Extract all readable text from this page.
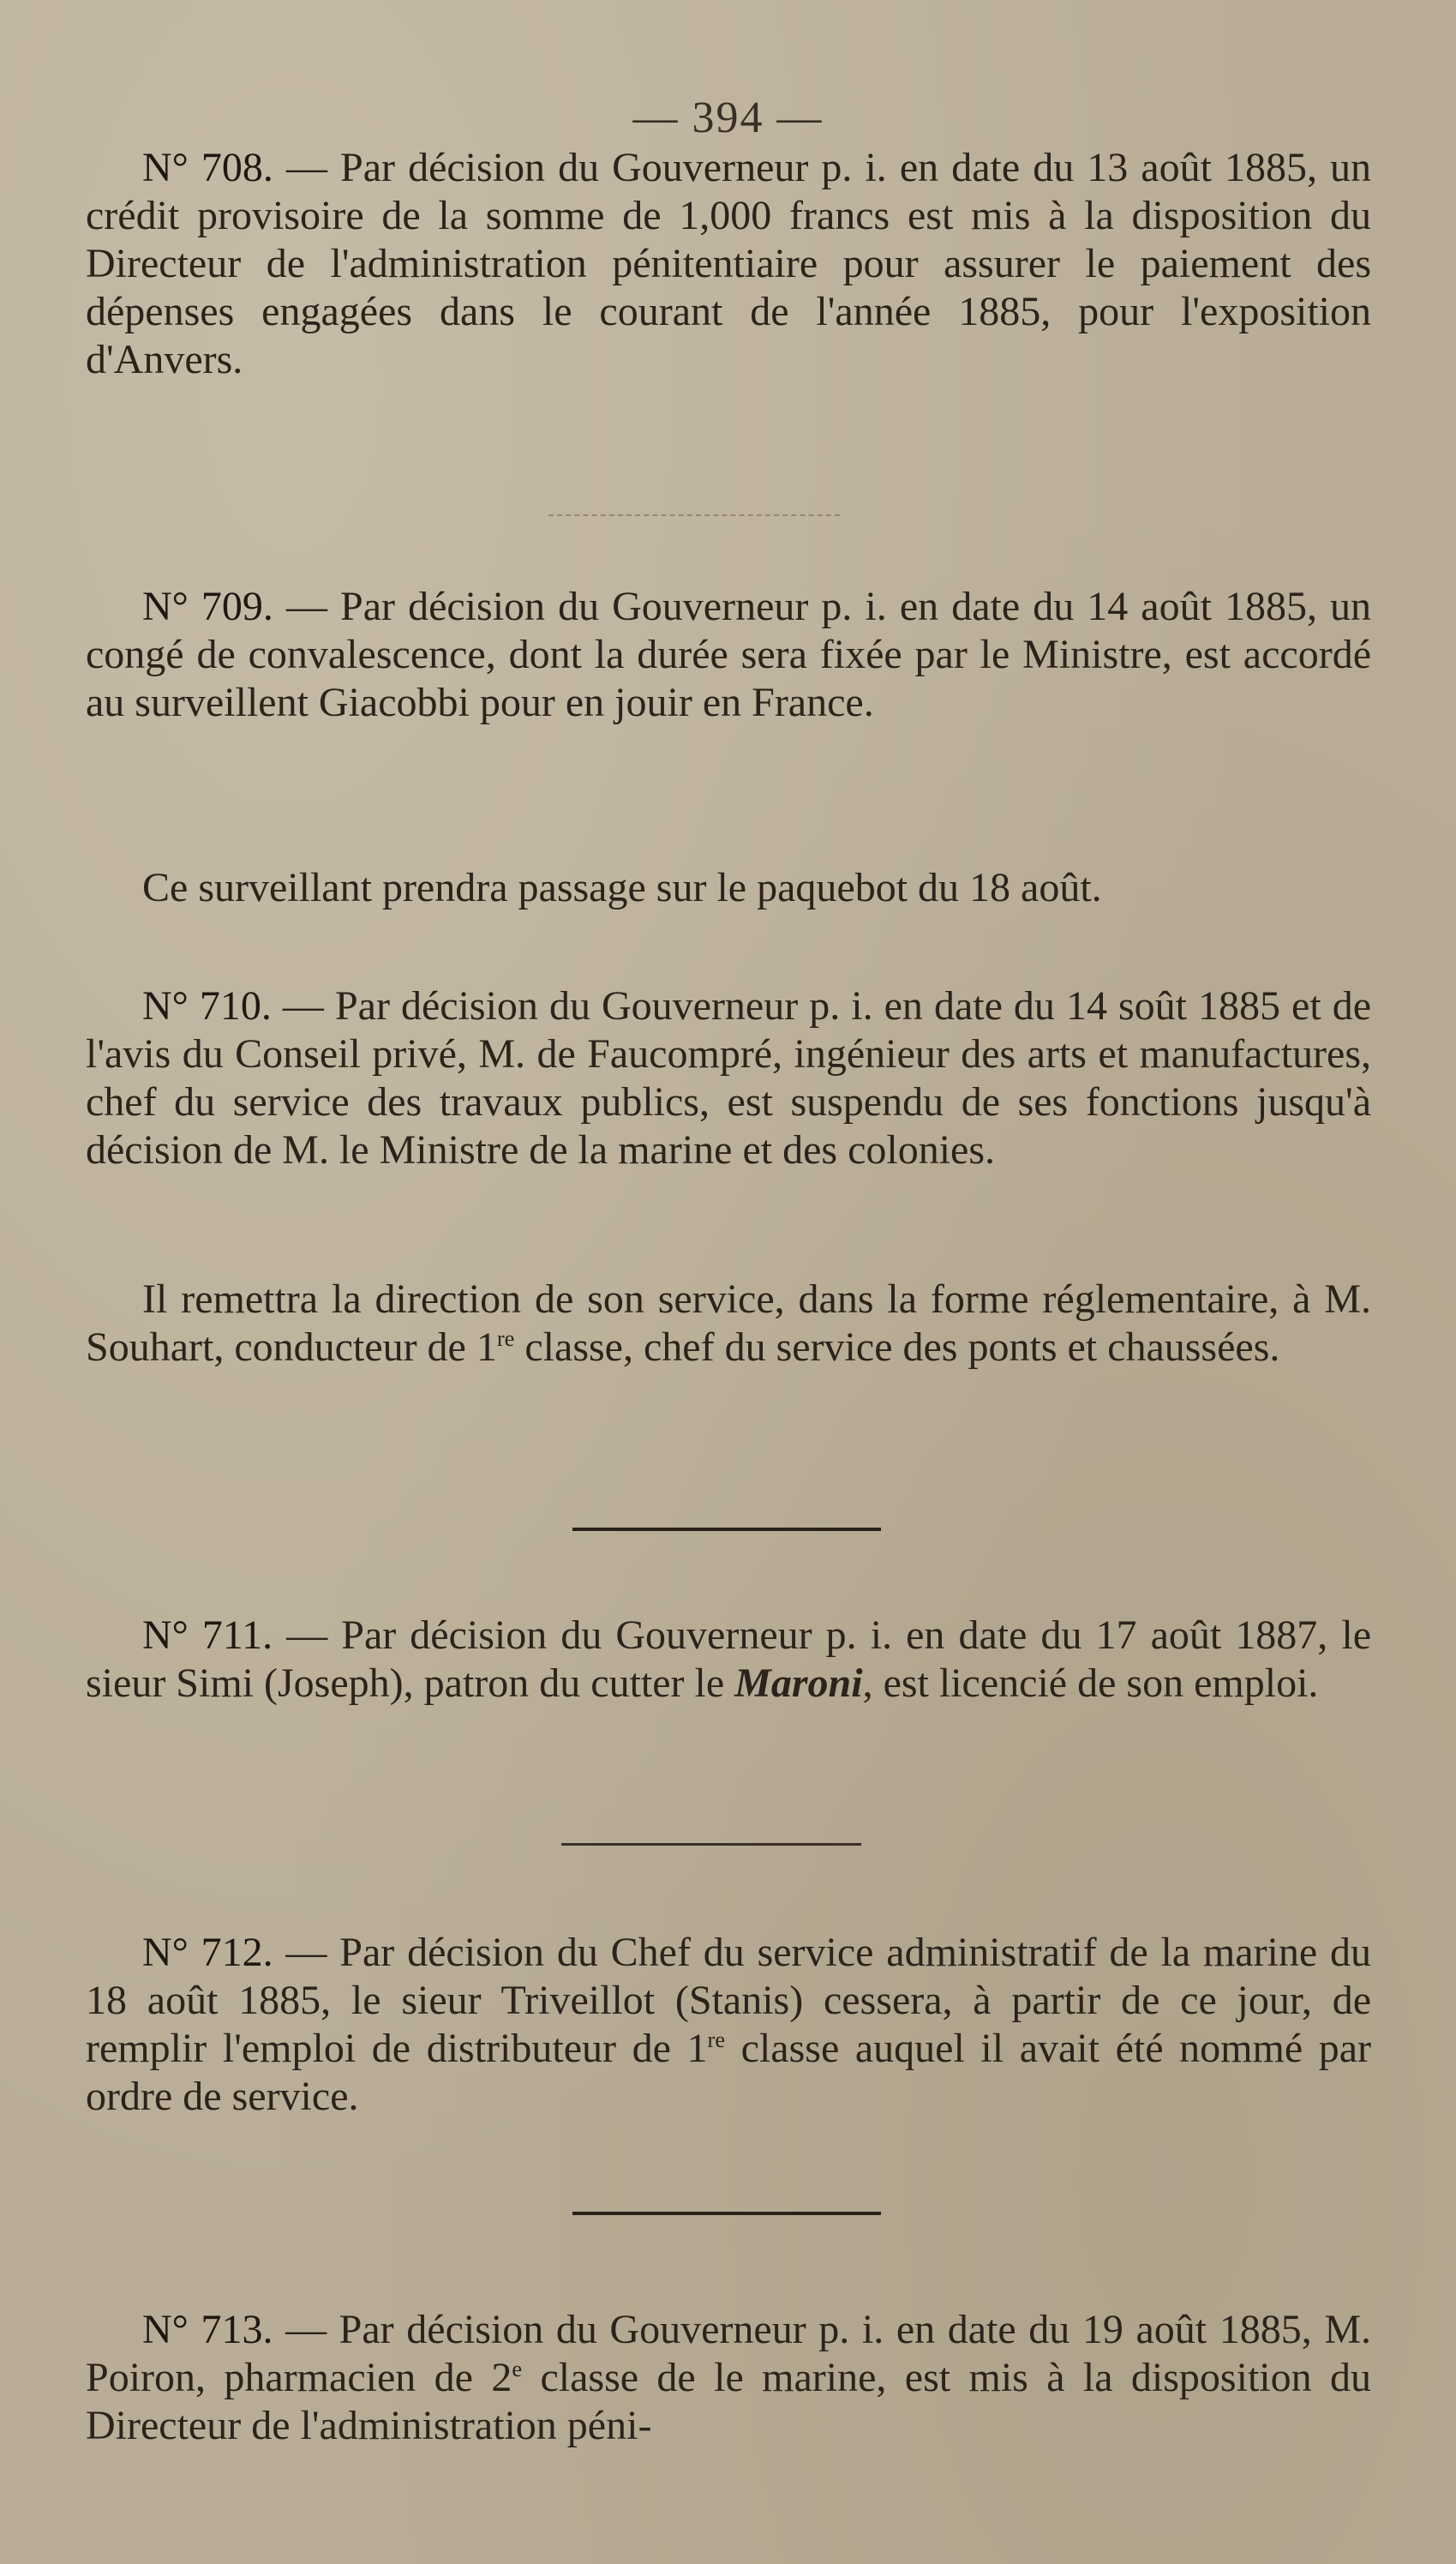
— 394 —

N° 708. — Par décision du Gouverneur p. i. en date du 13 août 1885, un crédit provisoire de la somme de 1,000 francs est mis à la disposition du Directeur de l'administration pénitentiaire pour assurer le paiement des dépenses engagées dans le courant de l'année 1885, pour l'exposition d'Anvers.

N° 709. — Par décision du Gouverneur p. i. en date du 14 août 1885, un congé de convalescence, dont la durée sera fixée par le Ministre, est accordé au surveillent Giacobbi pour en jouir en France.

Ce surveillant prendra passage sur le paquebot du 18 août.

N° 710. — Par décision du Gouverneur p. i. en date du 14 soût 1885 et de l'avis du Conseil privé, M. de Faucompré, ingénieur des arts et manufactures, chef du service des travaux publics, est suspendu de ses fonctions jusqu'à décision de M. le Ministre de la marine et des colonies.

Il remettra la direction de son service, dans la forme réglementaire, à M. Souhart, conducteur de 1re classe, chef du service des ponts et chaussées.

N° 711. — Par décision du Gouverneur p. i. en date du 17 août 1887, le sieur Simi (Joseph), patron du cutter le Maroni, est licencié de son emploi.

N° 712. — Par décision du Chef du service administratif de la marine du 18 août 1885, le sieur Triveillot (Stanis) cessera, à partir de ce jour, de remplir l'emploi de distributeur de 1re classe auquel il avait été nommé par ordre de service.

N° 713. — Par décision du Gouverneur p. i. en date du 19 août 1885, M. Poiron, pharmacien de 2e classe de le marine, est mis à la disposition du Directeur de l'administration péni-
